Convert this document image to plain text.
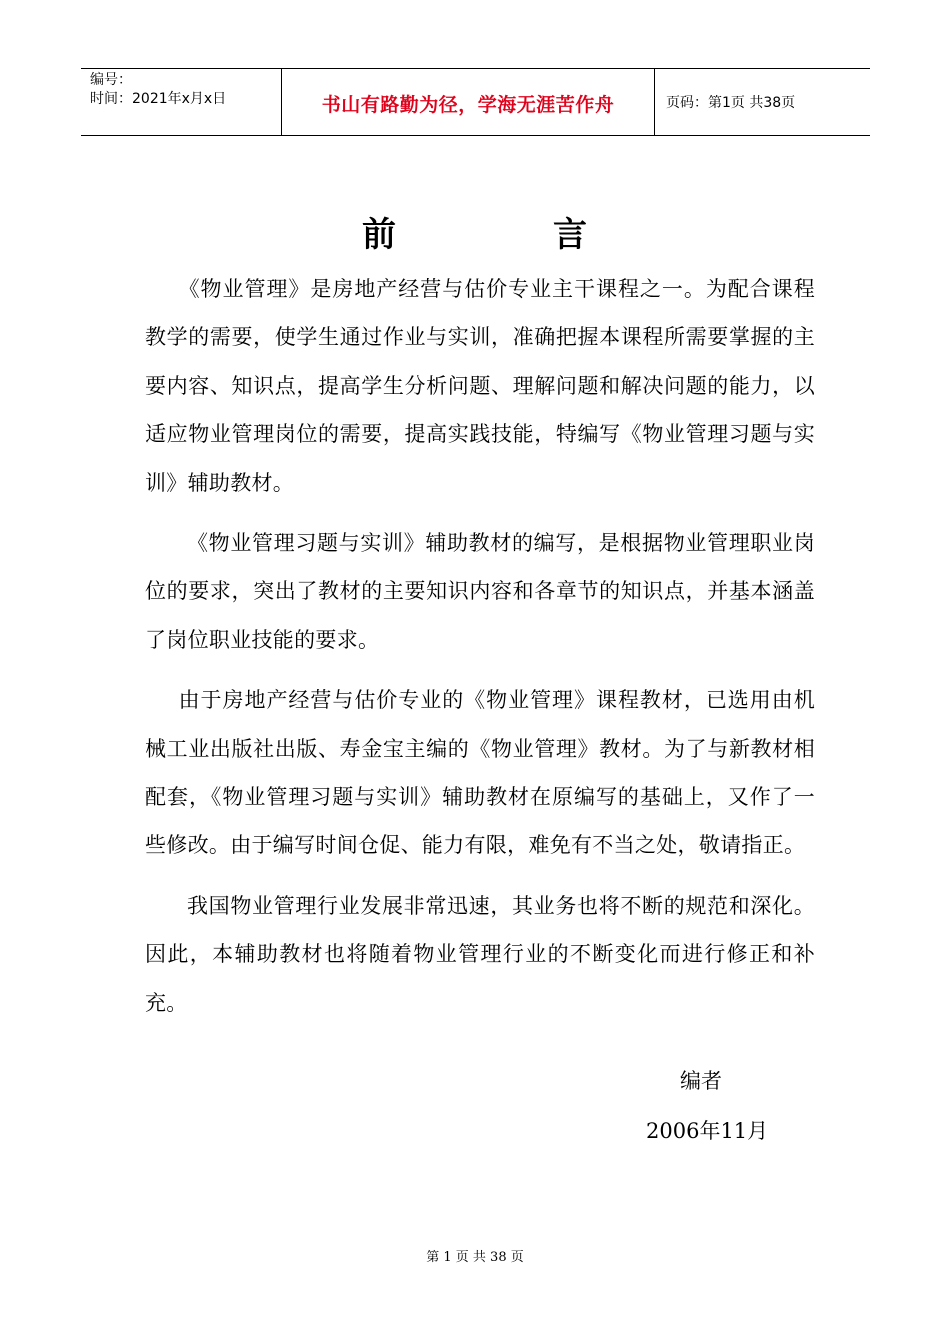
编号：
时间：2021年x月x日	书山有路勤为径，学海无涯苦作舟	页码：第1页 共38页
前	言

《物业管理》是房地产经营与估价专业主干课程之一。为配合课程教学的需要，使学生通过作业与实训，准确把握本课程所需要掌握的主要内容、知识点，提高学生分析问题、理解问题和解决问题的能力，以适应物业管理岗位的需要，提高实践技能，特编写《物业管理习题与实训》辅助教材。

《物业管理习题与实训》辅助教材的编写，是根据物业管理职业岗位的要求，突出了教材的主要知识内容和各章节的知识点，并基本涵盖了岗位职业技能的要求。

由于房地产经营与估价专业的《物业管理》课程教材，已选用由机械工业出版社出版、寿金宝主编的《物业管理》教材。为了与新教材相配套，《物业管理习题与实训》辅助教材在原编写的基础上，又作了一些修改。由于编写时间仓促、能力有限，难免有不当之处，敬请指正。

我国物业管理行业发展非常迅速，其业务也将不断的规范和深化。因此，本辅助教材也将随着物业管理行业的不断变化而进行修正和补充。

编者
2006年11月
第 1 页 共 38 页
